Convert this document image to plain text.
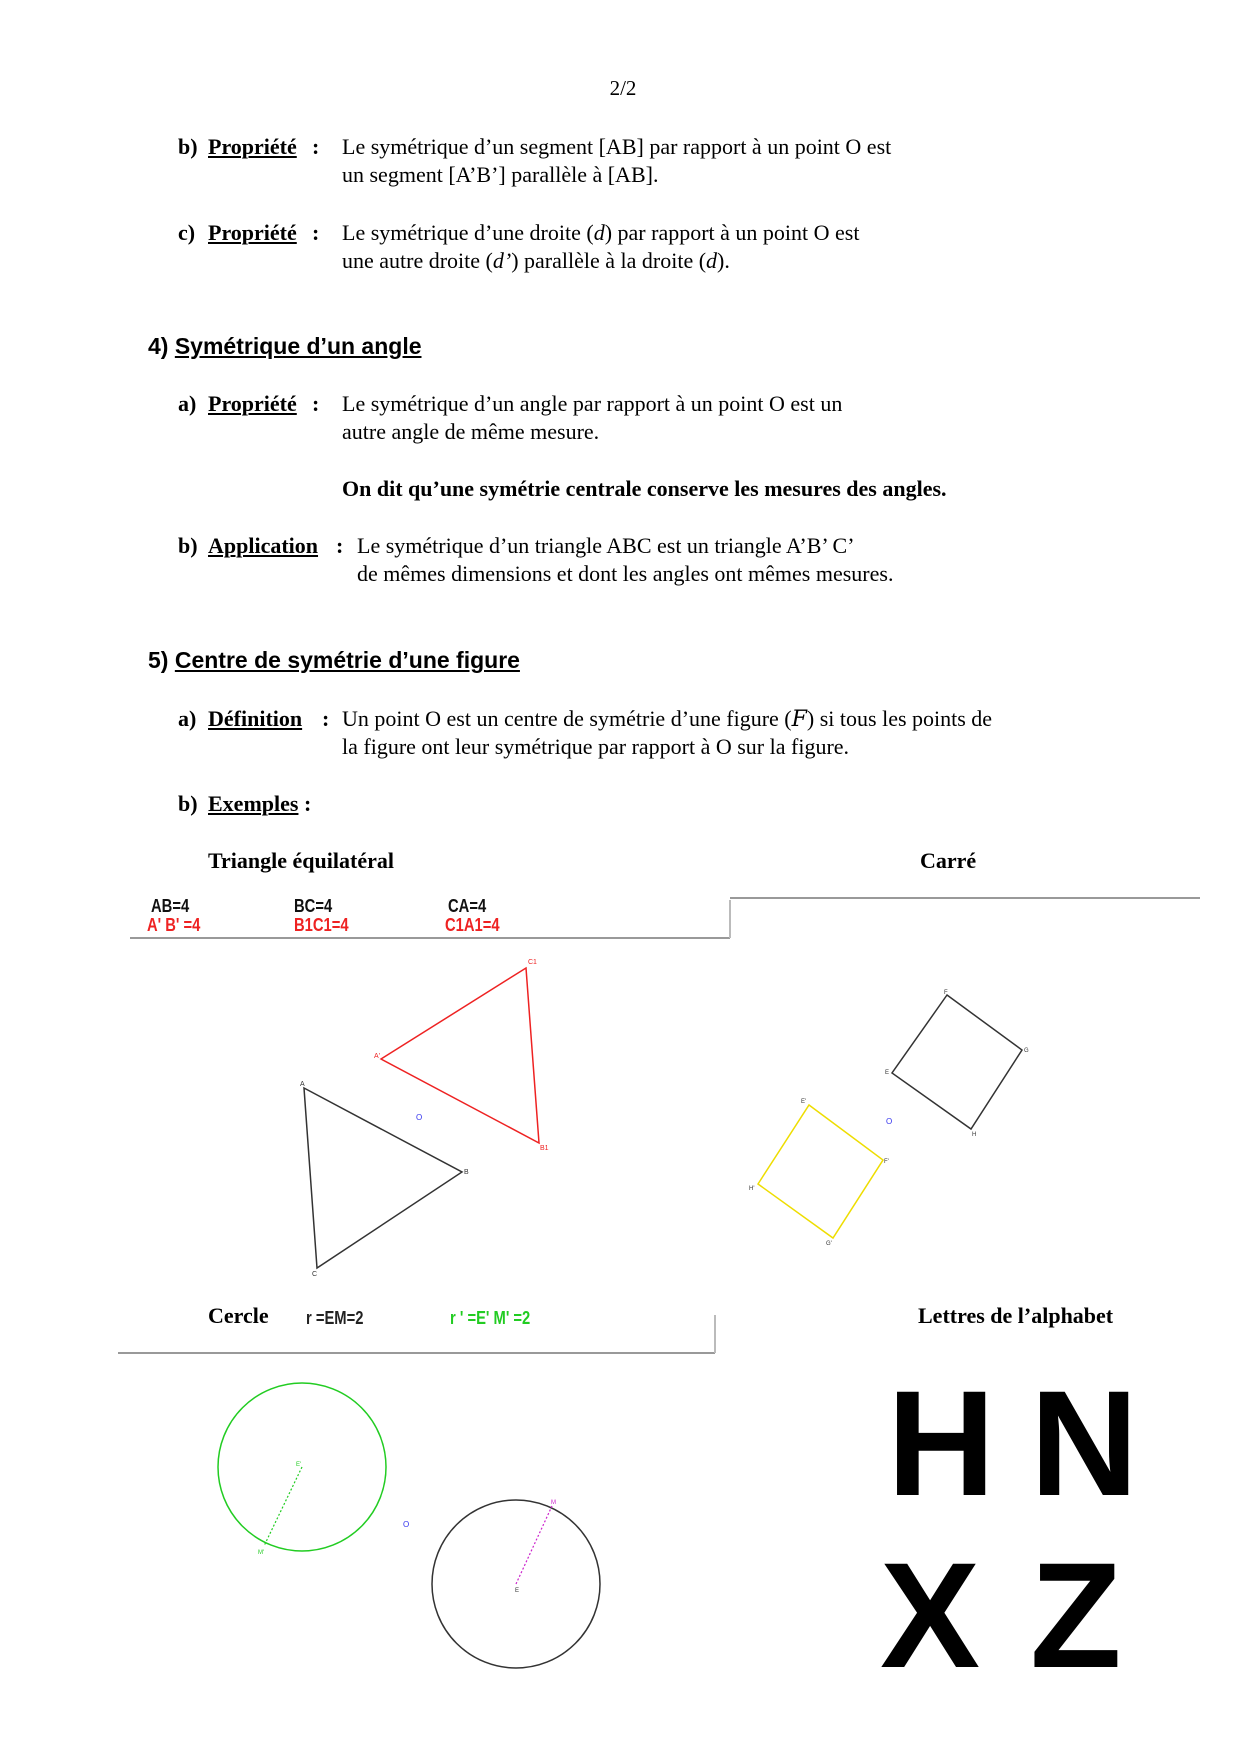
2/2
b) Propriété : Le symétrique d’un segment [AB] par rapport à un point O est
un segment [A’B’] parallèle à [AB].
c) Propriété : Le symétrique d’une droite (d) par rapport à un point O est
une autre droite (d’) parallèle à la droite (d).
4) Symétrique d’un angle
a) Propriété : Le symétrique d’un angle par rapport à un point O est un
autre angle de même mesure.
On dit qu’une symétrie centrale conserve les mesures des angles.
b) Application : Le symétrique d’un triangle ABC est un triangle A’B’ C’
de mêmes dimensions et dont les angles ont mêmes mesures.
5) Centre de symétrie d’une figure
a) Définition : Un point O est un centre de symétrie d’une figure (F) si tous les points de
la figure ont leur symétrique par rapport à O sur la figure.
b) Exemples :
Triangle équilatéral	Carré
AB=4	BC=4	CA=4
A' B' =4	B1C1=4	C1A1=4
A
B
C
A'
C1
B1
O
F
G
H
E
E'
F'
G'
H'
O
Cercle r =EM=2	r ' =E' M' =2	Lettres de l’alphabet
E'
M'
E
M
O	H N
X Z
